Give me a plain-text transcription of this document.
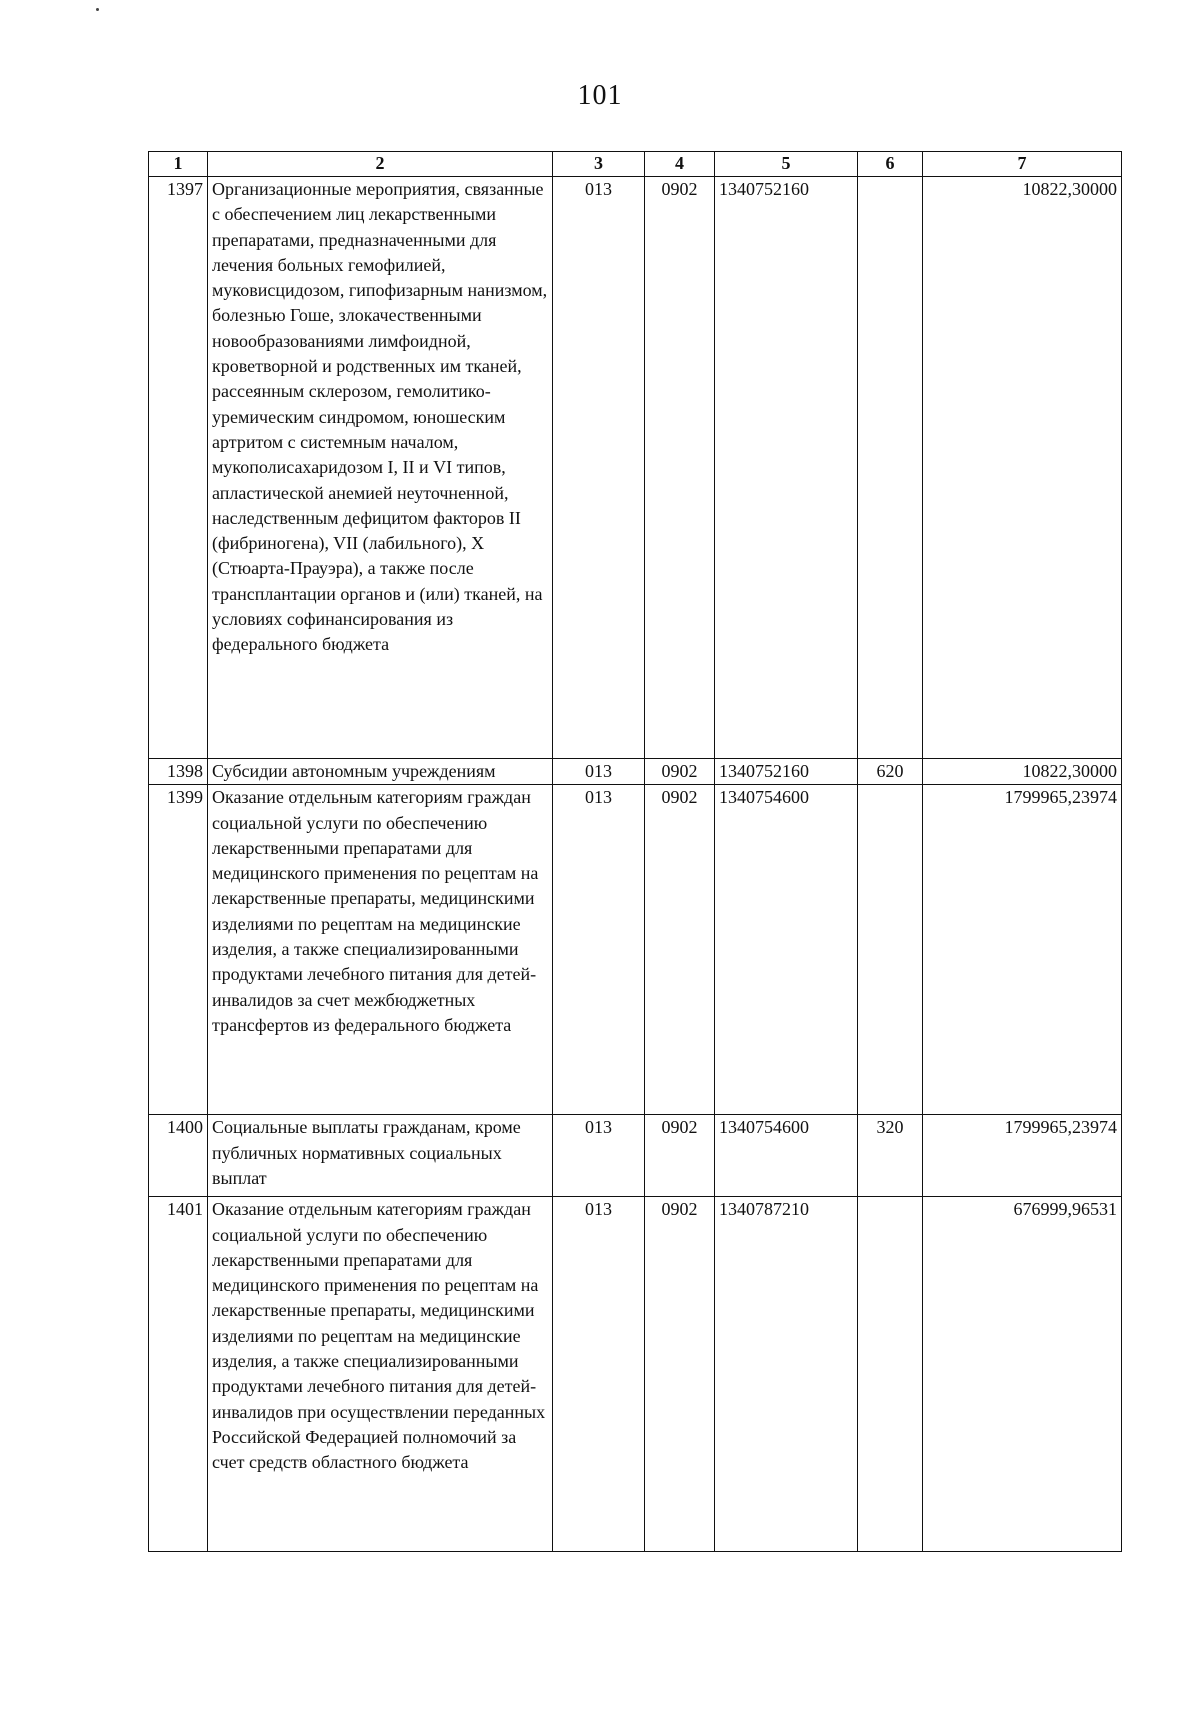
101
1	2	3	4	5	6	7
1397	Организационные мероприятия, связанные с обеспечением лиц лекарственными препаратами, предназначенными для лечения больных гемофилией, муковисцидозом, гипофизарным нанизмом, болезнью Гоше, злокачественными новообразованиями лимфоидной, кроветворной и родственных им тканей, рассеянным склерозом, гемолитико-уремическим синдромом, юношеским артритом с системным началом, мукополисахаридозом I, II и VI типов, апластической анемией неуточненной, наследственным дефицитом факторов II (фибриногена), VII (лабильного), X (Стюарта-Прауэра), а также после трансплантации органов и (или) тканей, на условиях софинансирования из федерального бюджета	013	0902	1340752160		10822,30000
1398	Субсидии автономным учреждениям	013	0902	1340752160	620	10822,30000
1399	Оказание отдельным категориям граждан социальной услуги по обеспечению лекарственными препаратами для медицинского применения по рецептам на лекарственные препараты, медицинскими изделиями по рецептам на медицинские изделия, а также специализированными продуктами лечебного питания для детей-инвалидов за счет межбюджетных трансфертов из федерального бюджета	013	0902	1340754600		1799965,23974
1400	Социальные выплаты гражданам, кроме публичных нормативных социальных выплат	013	0902	1340754600	320	1799965,23974
1401	Оказание отдельным категориям граждан социальной услуги по обеспечению лекарственными препаратами для медицинского применения по рецептам на лекарственные препараты, медицинскими изделиями по рецептам на медицинские изделия, а также специализированными продуктами лечебного питания для детей-инвалидов при осуществлении переданных Российской Федерацией полномочий за счет средств областного бюджета	013	0902	1340787210		676999,96531
